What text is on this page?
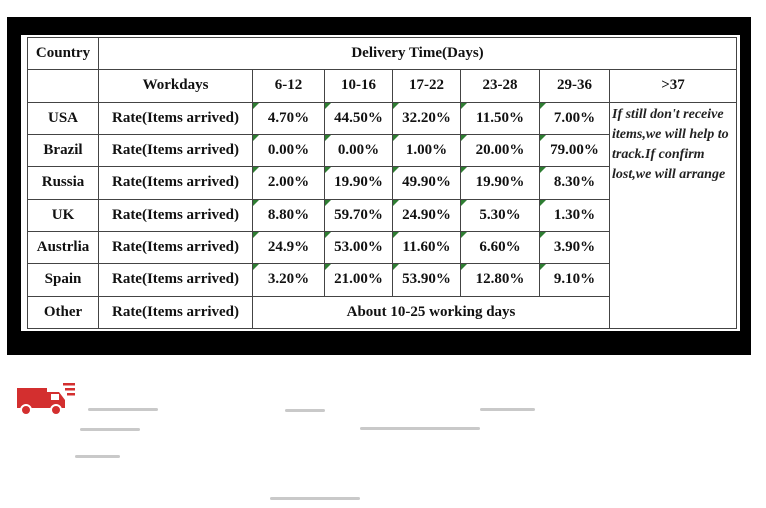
Country	Delivery Time(Days)						
	Workdays	6-12	10-16	17-22	23-28	29-36	>37
USA	Rate(Items arrived)	4.70%	44.50%	32.20%	11.50%	7.00%	If still don't receive items,we will help to track.If confirm lost,we will arrange

Brazil	Rate(Items arrived)	0.00%	0.00%	1.00%	20.00%	79.00%	
Russia	Rate(Items arrived)	2.00%	19.90%	49.90%	19.90%	8.30%	
UK	Rate(Items arrived)	8.80%	59.70%	24.90%	5.30%	1.30%	
Austrlia	Rate(Items arrived)	24.9%	53.00%	11.60%	6.60%	3.90%	
Spain	Rate(Items arrived)	3.20%	21.00%	53.90%	12.80%	9.10%	
Other	Rate(Items arrived)	About 10-25 working days					
